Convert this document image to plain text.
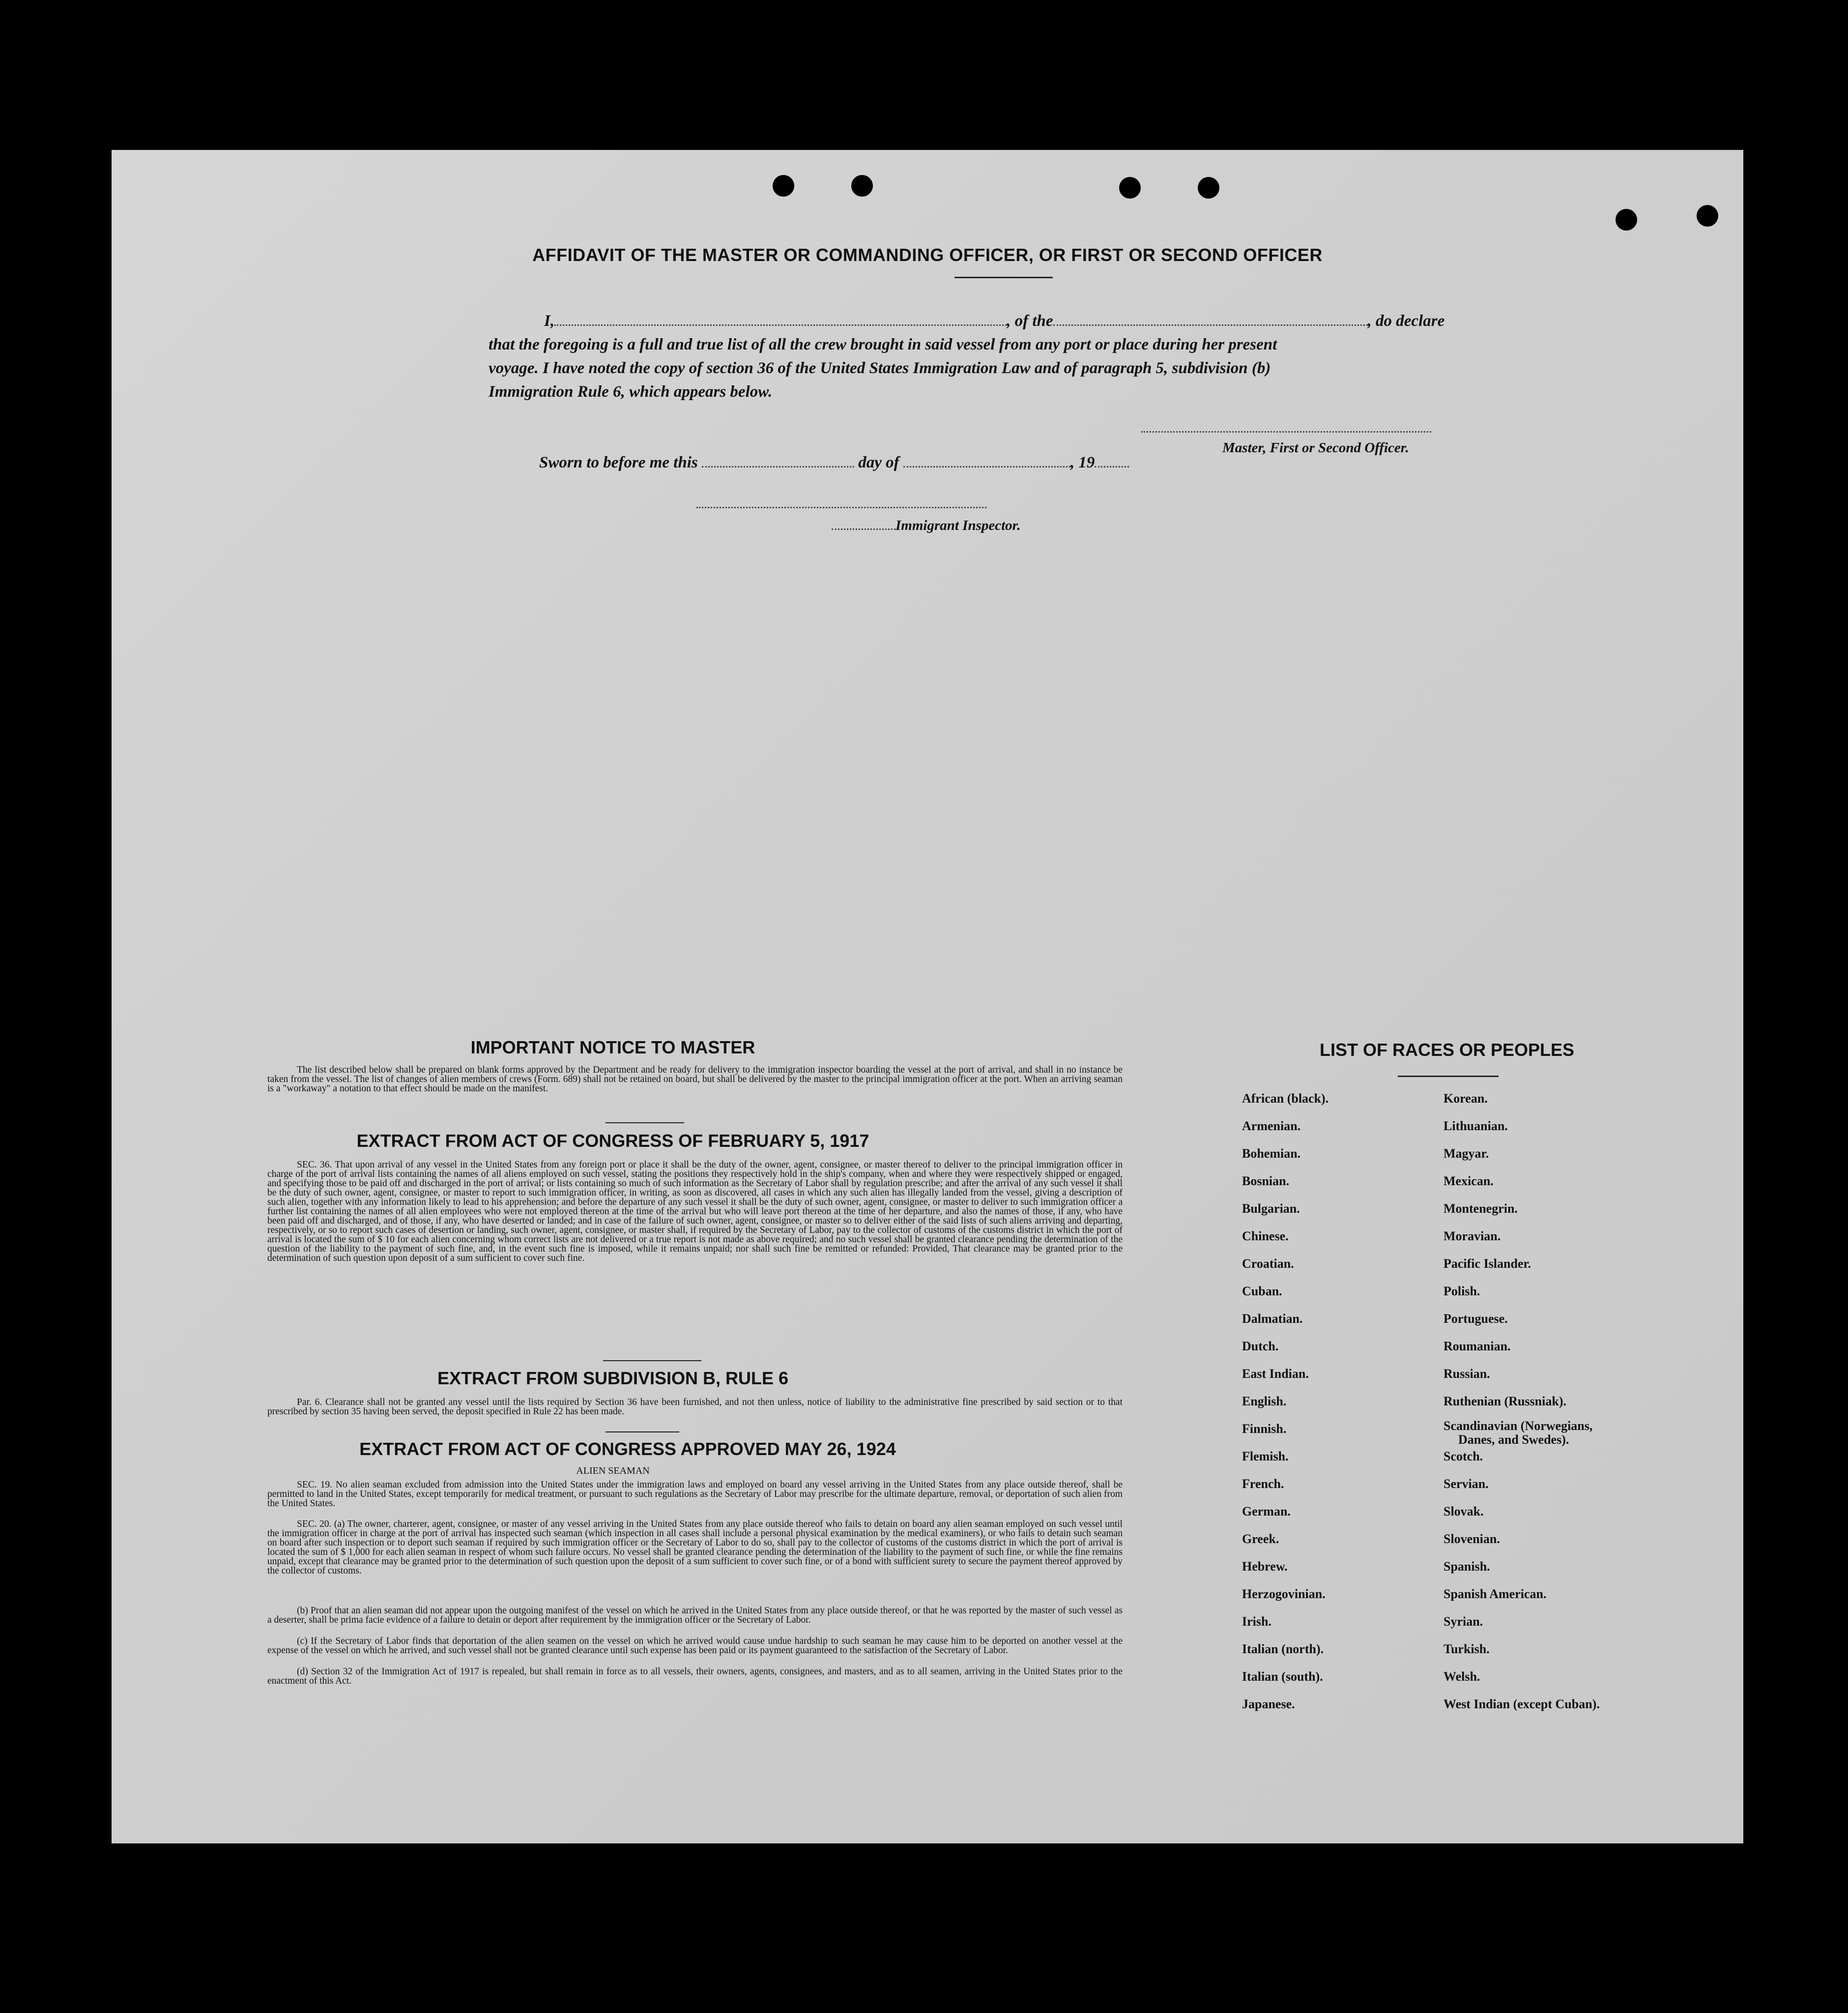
AFFIDAVIT OF THE MASTER OR COMMANDING OFFICER, OR FIRST OR SECOND OFFICER
I,	, of the	, do declare
that the foregoing is a full and true list of all the crew brought in said vessel from any port or place during her present
voyage. I have noted the copy of section 36 of the United States Immigration Law and of paragraph 5, subdivision (b)
Immigration Rule 6, which appears below.
Master, First or Second Officer.
Sworn to before me this	day of	, 19
Immigrant Inspector.
IMPORTANT NOTICE TO MASTER
The list described below shall be prepared on blank forms approved by the Department and be ready for delivery to the immigration inspector boarding the vessel at the port of arrival, and shall in no instance be taken from the vessel. The list of changes of alien members of crews (Form. 689) shall not be retained on board, but shall be delivered by the master to the principal immigration officer at the port. When an arriving seaman is a "workaway" a notation to that effect should be made on the manifest.
EXTRACT FROM ACT OF CONGRESS OF FEBRUARY 5, 1917
SEC. 36. That upon arrival of any vessel in the United States from any foreign port or place it shall be the duty of the owner, agent, consignee, or master thereof to deliver to the principal immigration officer in charge of the port of arrival lists containing the names of all aliens employed on such vessel, stating the positions they respectively hold in the ship's company, when and where they were respectively shipped or engaged, and specifying those to be paid off and discharged in the port of arrival; or lists containing so much of such information as the Secretary of Labor shall by regulation prescribe; and after the arrival of any such vessel it shall be the duty of such owner, agent, consignee, or master to report to such immigration officer, in writing, as soon as discovered, all cases in which any such alien has illegally landed from the vessel, giving a description of such alien, together with any information likely to lead to his apprehension; and before the departure of any such vessel it shall be the duty of such owner, agent, consignee, or master to deliver to such immigration officer a further list containing the names of all alien employees who were not employed thereon at the time of the arrival but who will leave port thereon at the time of her departure, and also the names of those, if any, who have been paid off and discharged, and of those, if any, who have deserted or landed; and in case of the failure of such owner, agent, consignee, or master so to deliver either of the said lists of such aliens arriving and departing, respectively, or so to report such cases of desertion or landing, such owner, agent, consignee, or master shall, if required by the Secretary of Labor, pay to the collector of customs of the customs district in which the port of arrival is located the sum of $ 10 for each alien concerning whom correct lists are not delivered or a true report is not made as above required; and no such vessel shall be granted clearance pending the determination of the question of the liability to the payment of such fine, and, in the event such fine is imposed, while it remains unpaid; nor shall such fine be remitted or refunded: Provided, That clearance may be granted prior to the determination of such question upon deposit of a sum sufficient to cover such fine.
EXTRACT FROM SUBDIVISION B, RULE 6
Par. 6. Clearance shall not be granted any vessel until the lists required by Section 36 have been furnished, and not then unless, notice of liability to the administrative fine prescribed by said section or to that prescribed by section 35 having been served, the deposit specified in Rule 22 has been made.
EXTRACT FROM ACT OF CONGRESS APPROVED MAY 26, 1924
ALIEN SEAMAN
SEC. 19. No alien seaman excluded from admission into the United States under the immigration laws and employed on board any vessel arriving in the United States from any place outside thereof, shall be permitted to land in the United States, except temporarily for medical treatment, or pursuant to such regulations as the Secretary of Labor may prescribe for the ultimate departure, removal, or deportation of such alien from the United States.
SEC. 20. (a) The owner, charterer, agent, consignee, or master of any vessel arriving in the United States from any place outside thereof who fails to detain on board any alien seaman employed on such vessel until the immigration officer in charge at the port of arrival has inspected such seaman (which inspection in all cases shall include a personal physical examination by the medical examiners), or who fails to detain such seaman on board after such inspection or to deport such seaman if required by such immigration officer or the Secretary of Labor to do so, shall pay to the collector of customs of the customs district in which the port of arrival is located the sum of $ 1,000 for each alien seaman in respect of whom such failure occurs. No vessel shall be granted clearance pending the determination of the liability to the payment of such fine, or while the fine remains unpaid, except that clearance may be granted prior to the determination of such question upon the deposit of a sum sufficient to cover such fine, or of a bond with sufficient surety to secure the payment thereof approved by the collector of customs.
(b) Proof that an alien seaman did not appear upon the outgoing manifest of the vessel on which he arrived in the United States from any place outside thereof, or that he was reported by the master of such vessel as a deserter, shall be prima facie evidence of a failure to detain or deport after requirement by the immigration officer or the Secretary of Labor.
(c) If the Secretary of Labor finds that deportation of the alien seamen on the vessel on which he arrived would cause undue hardship to such seaman he may cause him to be deported on another vessel at the expense of the vessel on which he arrived, and such vessel shall not be granted clearance until such expense has been paid or its payment guaranteed to the satisfaction of the Secretary of Labor.
(d) Section 32 of the Immigration Act of 1917 is repealed, but shall remain in force as to all vessels, their owners, agents, consignees, and masters, and as to all seamen, arriving in the United States prior to the enactment of this Act.
LIST OF RACES OR PEOPLES
African (black).
Armenian.
Bohemian.
Bosnian.
Bulgarian.
Chinese.
Croatian.
Cuban.
Dalmatian.
Dutch.
East Indian.
English.
Finnish.
Flemish.
French.
German.
Greek.
Hebrew.
Herzogovinian.
Irish.
Italian (north).
Italian (south).
Japanese.
Korean.
Lithuanian.
Magyar.
Mexican.
Montenegrin.
Moravian.
Pacific Islander.
Polish.
Portuguese.
Roumanian.
Russian.
Ruthenian (Russniak).
Scandinavian (Norwegians,
Danes, and Swedes).
Scotch.
Servian.
Slovak.
Slovenian.
Spanish.
Spanish American.
Syrian.
Turkish.
Welsh.
West Indian (except Cuban).
